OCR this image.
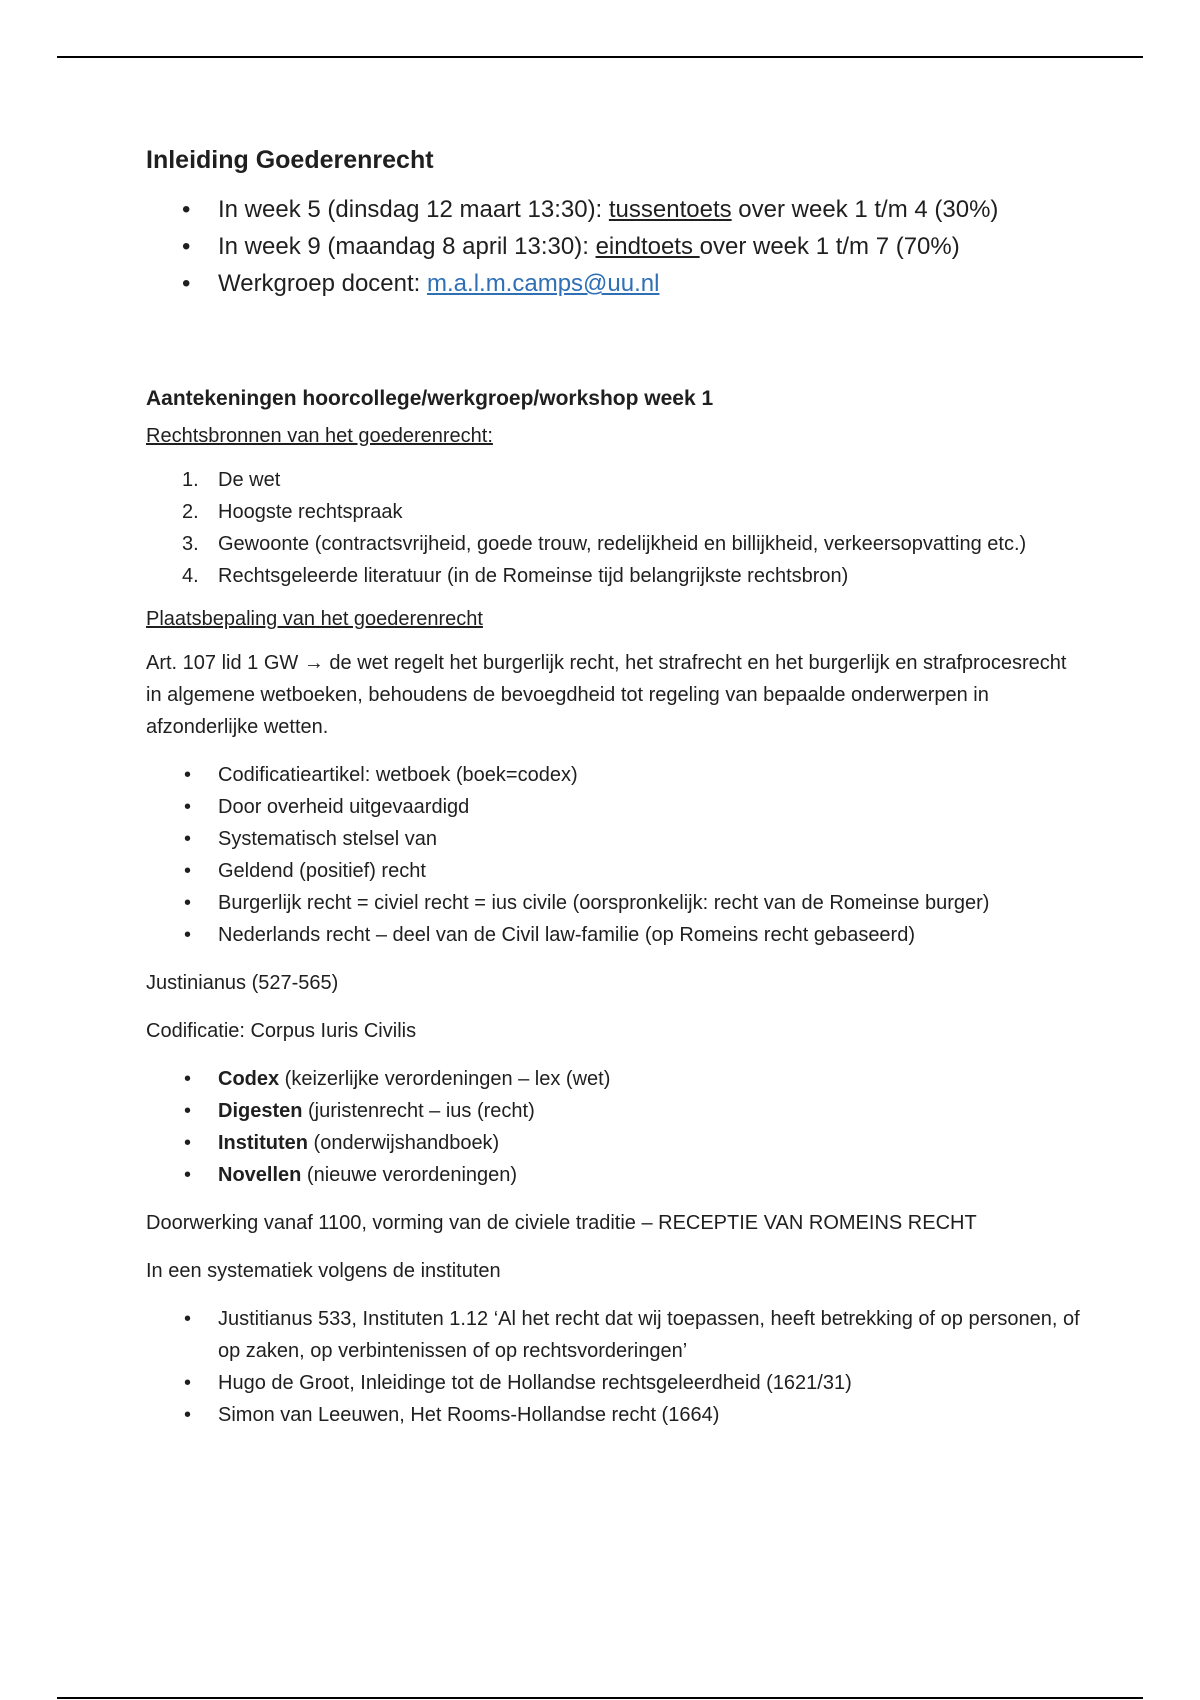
Inleiding Goederenrecht
• In week 5 (dinsdag 12 maart 13:30): tussentoets over week 1 t/m 4 (30%)
• In week 9 (maandag 8 april 13:30): eindtoets over week 1 t/m 7 (70%)
• Werkgroep docent: m.a.l.m.camps@uu.nl
Aantekeningen hoorcollege/werkgroep/workshop week 1
Rechtsbronnen van het goederenrecht:
1. De wet
2. Hoogste rechtspraak
3. Gewoonte (contractsvrijheid, goede trouw, redelijkheid en billijkheid, verkeersopvatting etc.)
4. Rechtsgeleerde literatuur (in de Romeinse tijd belangrijkste rechtsbron)
Plaatsbepaling van het goederenrecht

Art. 107 lid 1 GW → de wet regelt het burgerlijk recht, het strafrecht en het burgerlijk en strafprocesrecht in algemene wetboeken, behoudens de bevoegdheid tot regeling van bepaalde onderwerpen in afzonderlijke wetten.

• Codificatieartikel: wetboek (boek=codex)
• Door overheid uitgevaardigd
• Systematisch stelsel van
• Geldend (positief) recht
• Burgerlijk recht = civiel recht = ius civile (oorspronkelijk: recht van de Romeinse burger)
• Nederlands recht – deel van de Civil law-familie (op Romeins recht gebaseerd)

Justinianus (527-565)

Codificatie: Corpus Iuris Civilis

• Codex (keizerlijke verordeningen – lex (wet)
• Digesten (juristenrecht – ius (recht)
• Instituten (onderwijshandboek)
• Novellen (nieuwe verordeningen)

Doorwerking vanaf 1100, vorming van de civiele traditie – RECEPTIE VAN ROMEINS RECHT

In een systematiek volgens de instituten

• Justitianus 533, Instituten 1.12 ‘Al het recht dat wij toepassen, heeft betrekking of op personen, of op zaken, op verbintenissen of op rechtsvorderingen’
• Hugo de Groot, Inleidinge tot de Hollandse rechtsgeleerdheid (1621/31)
• Simon van Leeuwen, Het Rooms-Hollandse recht (1664)
